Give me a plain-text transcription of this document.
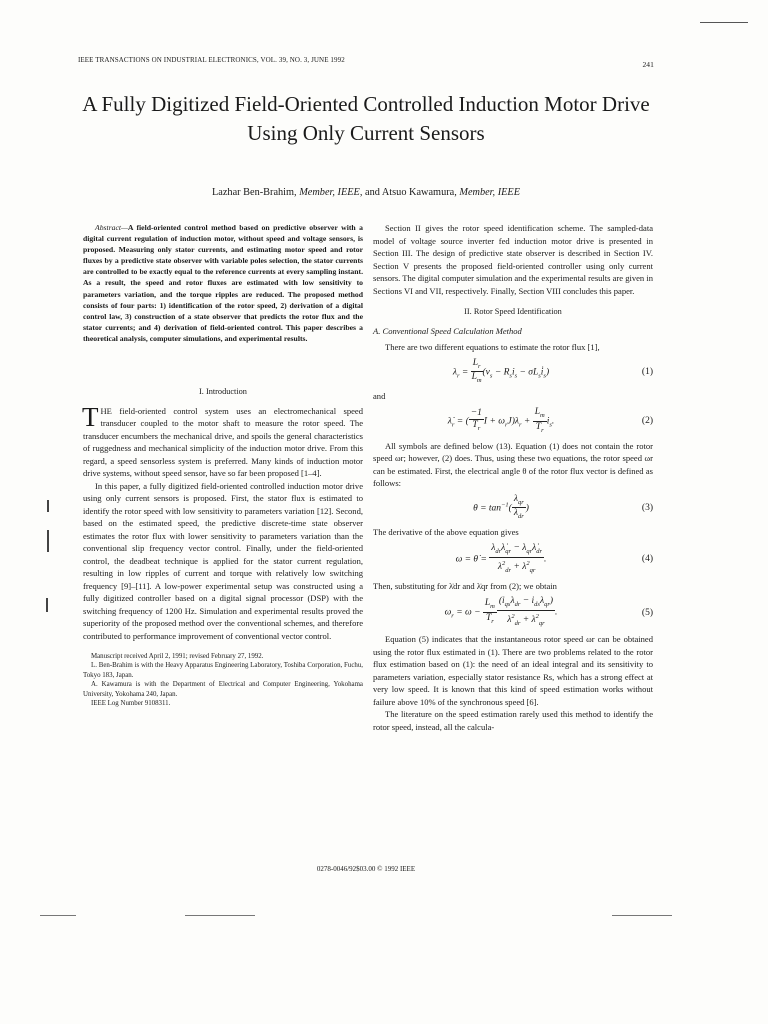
IEEE TRANSACTIONS ON INDUSTRIAL ELECTRONICS, VOL. 39, NO. 3, JUNE 1992	241
A Fully Digitized Field-Oriented Controlled Induction Motor Drive Using Only Current Sensors
Lazhar Ben-Brahim, Member, IEEE, and Atsuo Kawamura, Member, IEEE

Abstract—A field-oriented control method based on predictive observer with a digital current regulation of induction motor, without speed and voltage sensors, is proposed. Measuring only stator currents, and estimating motor speed and rotor fluxes by a predictive state observer with variable poles selection, the stator currents are controlled to be exactly equal to the reference currents at every sampling instant. As a result, the speed and rotor fluxes are estimated with low sensitivity to parameters variation, and the torque ripples are reduced. The proposed method consists of four parts: 1) identification of the rotor speed, 2) derivation of a digital control law, 3) construction of a state observer that predicts the rotor flux and the stator currents; and 4) derivation of field-oriented control. This paper describes a theoretical analysis, computer simulations, and experimental results.

I. Introduction

THE field-oriented control system uses an electromechanical speed transducer coupled to the motor shaft to measure the rotor speed. The transducer encumbers the mechanical drive, and spoils the general characteristics of ruggedness and mechanical simplicity of the induction motor drive. From this regard, a speed sensorless system is preferred. Many kinds of induction motor drive systems, without speed sensor, have so far been proposed [1–4].

In this paper, a fully digitized field-oriented controlled induction motor drive using only current sensors is proposed. First, the stator flux is estimated to identify the rotor speed with low sensitivity to parameters variation [12]. Second, based on the estimated speed, the predictive discrete-time state observer estimates the rotor flux with lower sensitivity to parameters variation than the conventional slip frequency vector control. Finally, under the field-oriented control, the deadbeat technique is applied for the stator current regulation, resulting in low ripples of current and torque with relatively low switching frequency [9]–[11]. A low-power experimental setup was constructed using a fully digitized controller based on a digital signal processor (DSP) with the switching frequency of 1200 Hz. Simulation and experimental results proved the superiority of the proposed method over the conventional schemes, and therefore contributed to performance improvement of conventional vector control.

Manuscript received April 2, 1991; revised February 27, 1992.

L. Ben-Brahim is with the Heavy Apparatus Engineering Laboratory, Toshiba Corporation, Fuchu, Tokyo 183, Japan.

A. Kawamura is with the Department of Electrical and Computer Engineering, Yokohama University, Yokohama 240, Japan.

IEEE Log Number 9108311.

Section II gives the rotor speed identification scheme. The sampled-data model of voltage source inverter fed induction motor drive is presented in Section III. The design of predictive state observer is described in Section IV. Section V presents the proposed field-oriented controller using only current sensors. The digital computer simulation and the experimental results are given in Sections VI and VII, respectively. Finally, Section VIII concludes this paper.

II. Rotor Speed Identification

A. Conventional Speed Calculation Method

There are two different equations to estimate the rotor flux [1],

$\lambda_r = \frac{L_r}{L_m} (v_s - R_si_s$ − $\sigma L_si̇_s$)	(1)

and

$\lambdȧ_r$ = ( $\frac{-1}{T_r}$ $I + \omega_rJ)\lambda_r + \frac{L_m}{T_r} i_s$.	(2)

All symbols are defined below (13). Equation (1) does not contain the rotor speed ωr; however, (2) does. Thus, using these two equations, the rotor speed ωr can be estimated. First, the electrical angle θ of the rotor flux vector is defined as follows:

$\theta = \tan^{-1}( \frac{\lambda_{qr}}{\lambda_{dr}}$ )	(3)

The derivative of the above equation gives

ω = θ̇ = $\frac{\lambda_{dr}\lambdȧ_{qr} - \lambda_{qr}\lambdȧ_{dr}}{\lambda^2_{dr} + \lambda^2_{qr}}$ .	(4)

Then, substituting for λ̇dr and λ̇qr from (2); we obtain

$\omega_r = \omega - \frac{L_m}{T_r} \frac{(i_{qs}\lambda_{dr} - i_{ds}\lambda_{qr})}{\lambda^2_{dr} + \lambda^2_{qr}}$ .	(5)

Equation (5) indicates that the instantaneous rotor speed ωr can be obtained using the rotor flux estimated in (1). There are two problems related to the rotor flux estimation based on (1): the need of an ideal integral and its sensitivity to parameters variation, especially stator resistance Rs, which has a strong effect at very low speed. It is known that this kind of speed estimation works without failure above 10% of the synchronous speed [6].

The literature on the speed estimation rarely used this method to identify the rotor speed, instead, all the calcula-

0278-0046/92$03.00 © 1992 IEEE
